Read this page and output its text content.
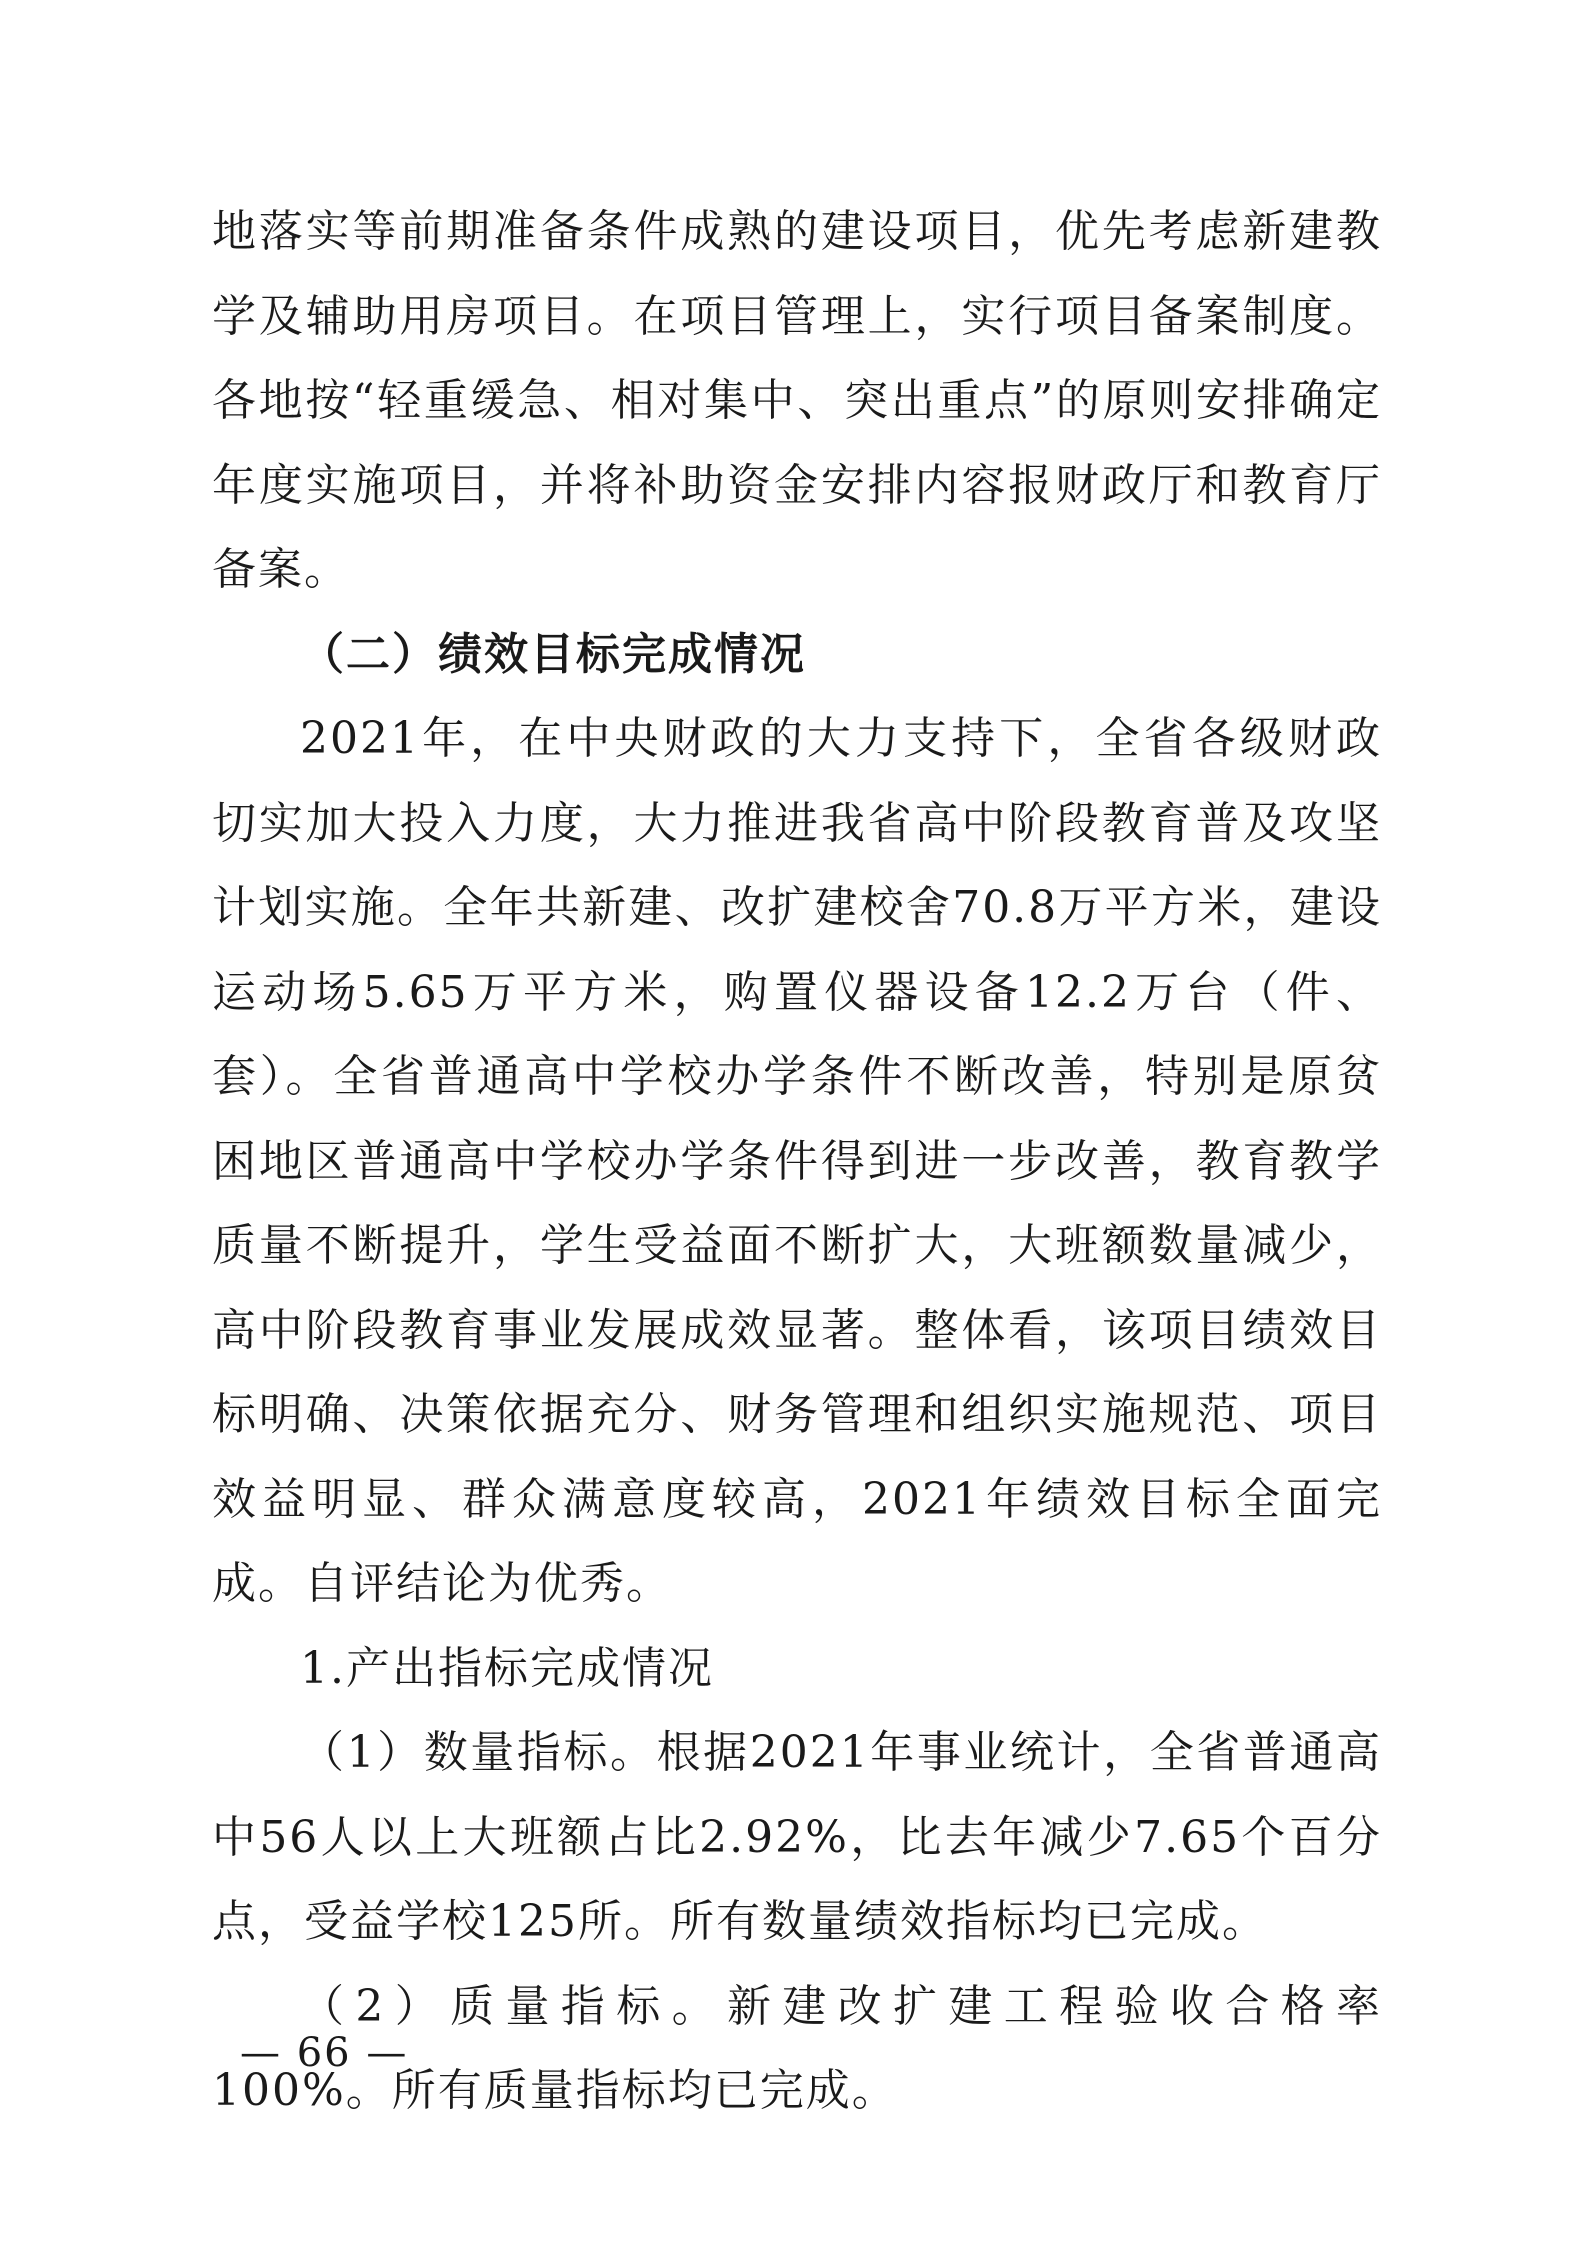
地落实等前期准备条件成熟的建设项目，优先考虑新建教学及辅助用房项目。在项目管理上，实行项目备案制度。各地按“轻重缓急、相对集中、突出重点”的原则安排确定年度实施项目，并将补助资金安排内容报财政厅和教育厅备案。

（二）绩效目标完成情况

2021年，在中央财政的大力支持下，全省各级财政切实加大投入力度，大力推进我省高中阶段教育普及攻坚计划实施。全年共新建、改扩建校舍70.8万平方米，建设运动场5.65万平方米，购置仪器设备12.2万台（件、套）。全省普通高中学校办学条件不断改善，特别是原贫困地区普通高中学校办学条件得到进一步改善，教育教学质量不断提升，学生受益面不断扩大，大班额数量减少，高中阶段教育事业发展成效显著。整体看，该项目绩效目标明确、决策依据充分、财务管理和组织实施规范、项目效益明显、群众满意度较高，2021年绩效目标全面完成。自评结论为优秀。

1.产出指标完成情况

（1）数量指标。根据2021年事业统计，全省普通高中56人以上大班额占比2.92%，比去年减少7.65个百分点，受益学校125所。所有数量绩效指标均已完成。

（2）质量指标。新建改扩建工程验收合格率100%。所有质量指标均已完成。

— 66 —
